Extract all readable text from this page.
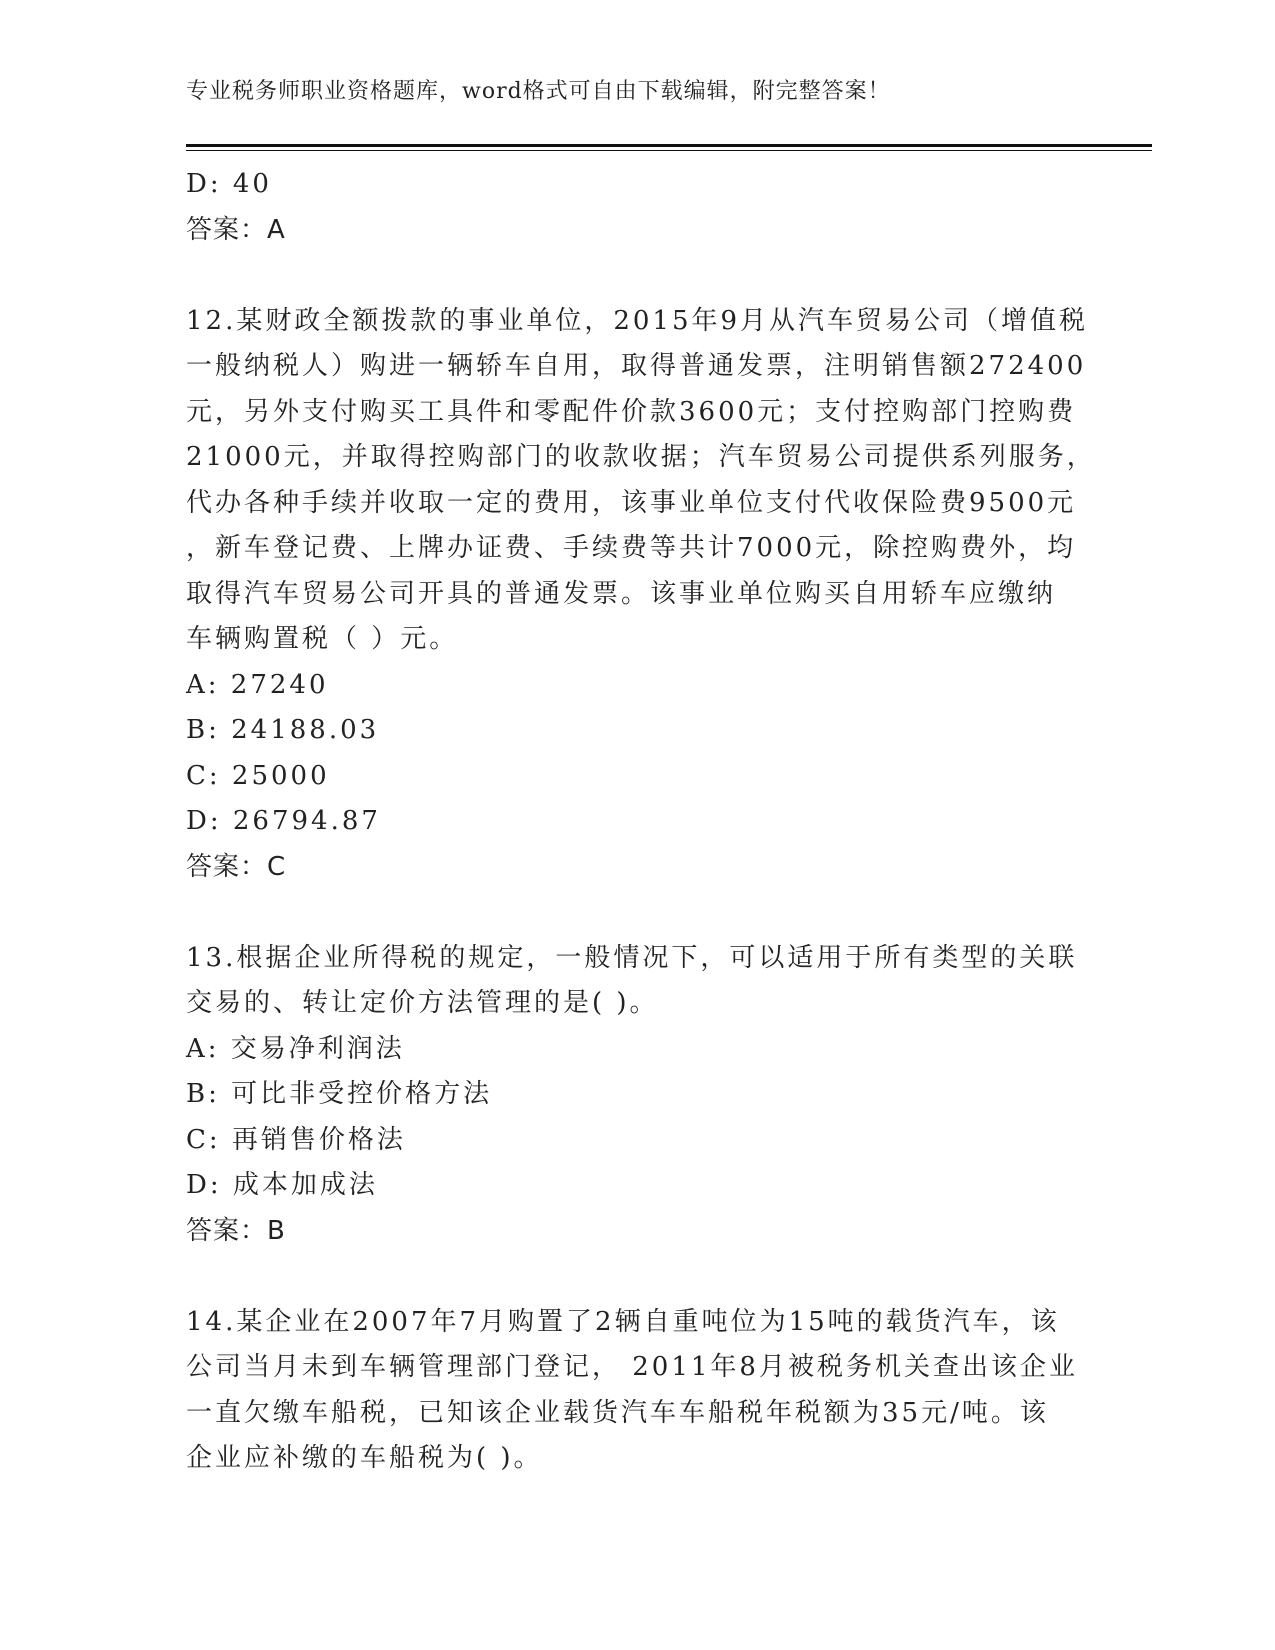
专业税务师职业资格题库，word格式可自由下载编辑，附完整答案！
D: 40
答案：A
12.某财政全额拨款的事业单位，2015年9月从汽车贸易公司（增值税
一般纳税人）购进一辆轿车自用，取得普通发票，注明销售额272400
元，另外支付购买工具件和零配件价款3600元；支付控购部门控购费
21000元，并取得控购部门的收款收据；汽车贸易公司提供系列服务，
代办各种手续并收取一定的费用，该事业单位支付代收保险费9500元
，新车登记费、上牌办证费、手续费等共计7000元，除控购费外，均
取得汽车贸易公司开具的普通发票。该事业单位购买自用轿车应缴纳
车辆购置税（ ）元。
A: 27240
B: 24188.03
C: 25000
D: 26794.87
答案：C
13.根据企业所得税的规定，一般情况下，可以适用于所有类型的关联
交易的、转让定价方法管理的是( )。
A: 交易净利润法
B: 可比非受控价格方法
C: 再销售价格法
D: 成本加成法
答案：B
14.某企业在2007年7月购置了2辆自重吨位为15吨的载货汽车，该
公司当月未到车辆管理部门登记， 2011年8月被税务机关查出该企业
一直欠缴车船税，已知该企业载货汽车车船税年税额为35元/吨。该
企业应补缴的车船税为( )。
